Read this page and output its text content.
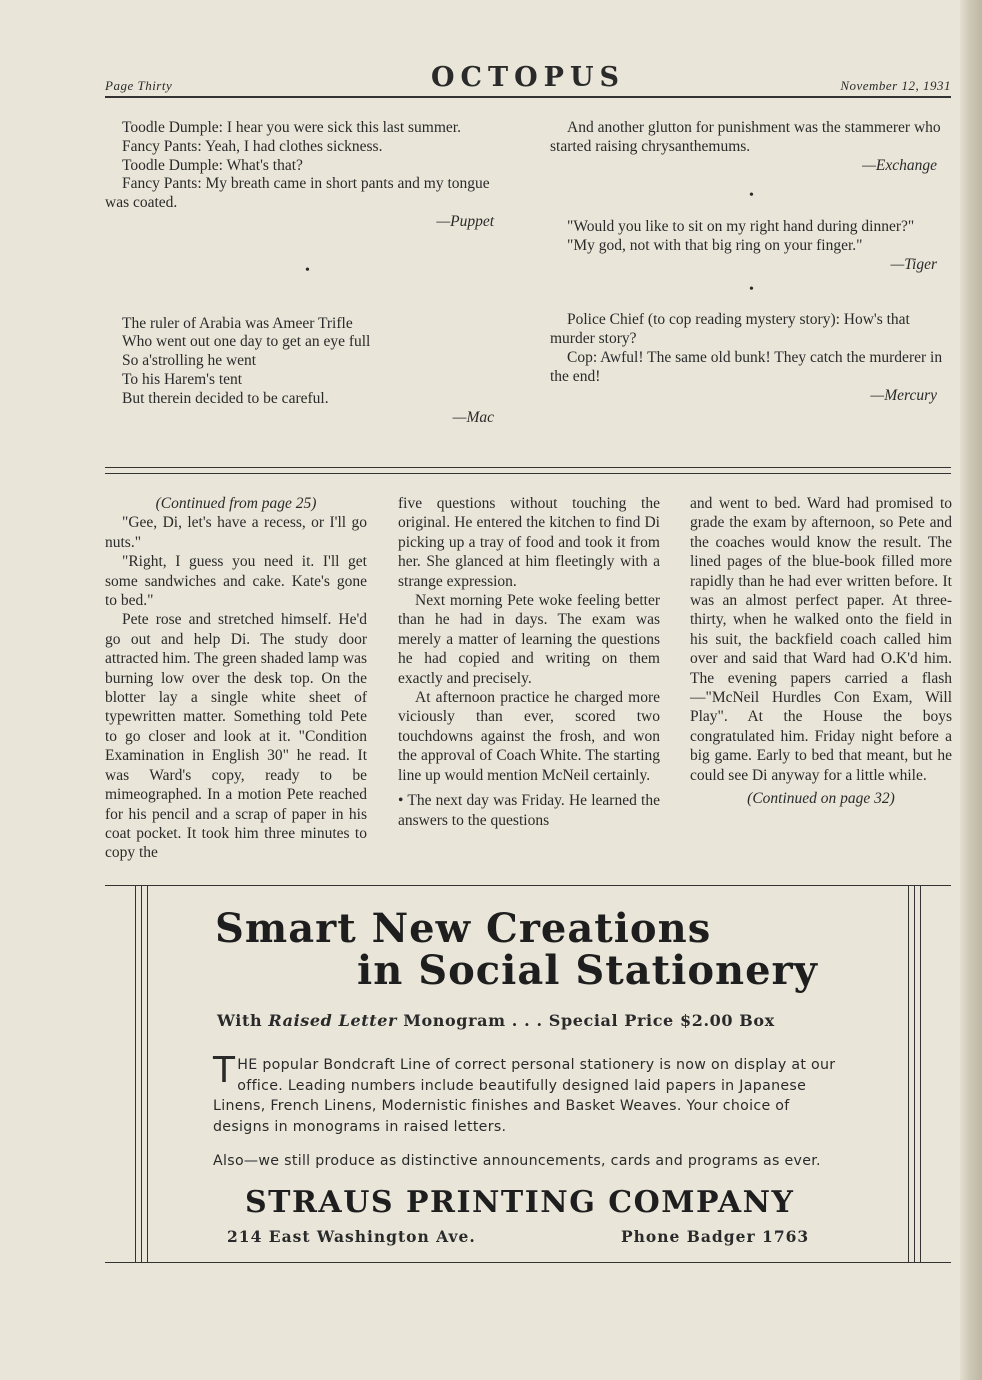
Page Thirty	OCTOPUS	November 12, 1931

Toodle Dumple: I hear you were sick this last summer.

Fancy Pants: Yeah, I had clothes sickness.

Toodle Dumple: What's that?

Fancy Pants: My breath came in short pants and my tongue was coated.

—Puppet

•

The ruler of Arabia was Ameer Trifle

Who went out one day to get an eye full

So a'strolling he went

To his Harem's tent

But therein decided to be careful.

—Mac

And another glutton for punishment was the stammerer who started raising chrysanthemums.

—Exchange

•

"Would you like to sit on my right hand during dinner?"

"My god, not with that big ring on your finger."

—Tiger

•

Police Chief (to cop reading mystery story): How's that murder story?

Cop: Awful! The same old bunk! They catch the murderer in the end!

—Mercury

(Continued from page 25)

"Gee, Di, let's have a recess, or I'll go nuts."

"Right, I guess you need it. I'll get some sandwiches and cake. Kate's gone to bed."

Pete rose and stretched himself. He'd go out and help Di. The study door attracted him. The green shaded lamp was burning low over the desk top. On the blotter lay a single white sheet of typewritten matter. Something told Pete to go closer and look at it. "Condition Examination in English 30" he read. It was Ward's copy, ready to be mimeographed. In a motion Pete reached for his pencil and a scrap of paper in his coat pocket. It took him three minutes to copy the

five questions without touching the original. He entered the kitchen to find Di picking up a tray of food and took it from her. She glanced at him fleetingly with a strange expression.

Next morning Pete woke feeling better than he had in days. The exam was merely a matter of learning the questions he had copied and writing on them exactly and precisely.

At afternoon practice he charged more viciously than ever, scored two touchdowns against the frosh, and won the approval of Coach White. The starting line up would mention McNeil certainly.

• The next day was Friday. He learned the answers to the questions

and went to bed. Ward had promised to grade the exam by afternoon, so Pete and the coaches would know the result. The lined pages of the blue-book filled more rapidly than he had ever written before. It was an almost perfect paper. At three-thirty, when he walked onto the field in his suit, the backfield coach called him over and said that Ward had O.K'd him. The evening papers carried a flash—"McNeil Hurdles Con Exam, Will Play". At the House the boys congratulated him. Friday night before a big game. Early to bed that meant, but he could see Di anyway for a little while.

(Continued on page 32)

Smart New Creations
in Social Stationery
With Raised Letter Monogram . . . Special Price $2.00 Box

THE popular Bondcraft Line of correct personal stationery is now on display at our office. Leading numbers include beautifully designed laid papers in Japanese Linens, French Linens, Modernistic finishes and Basket Weaves. Your choice of designs in monograms in raised letters.

Also—we still produce as distinctive announcements, cards and programs as ever.

STRAUS PRINTING COMPANY
214 East Washington Ave.	Phone Badger 1763
